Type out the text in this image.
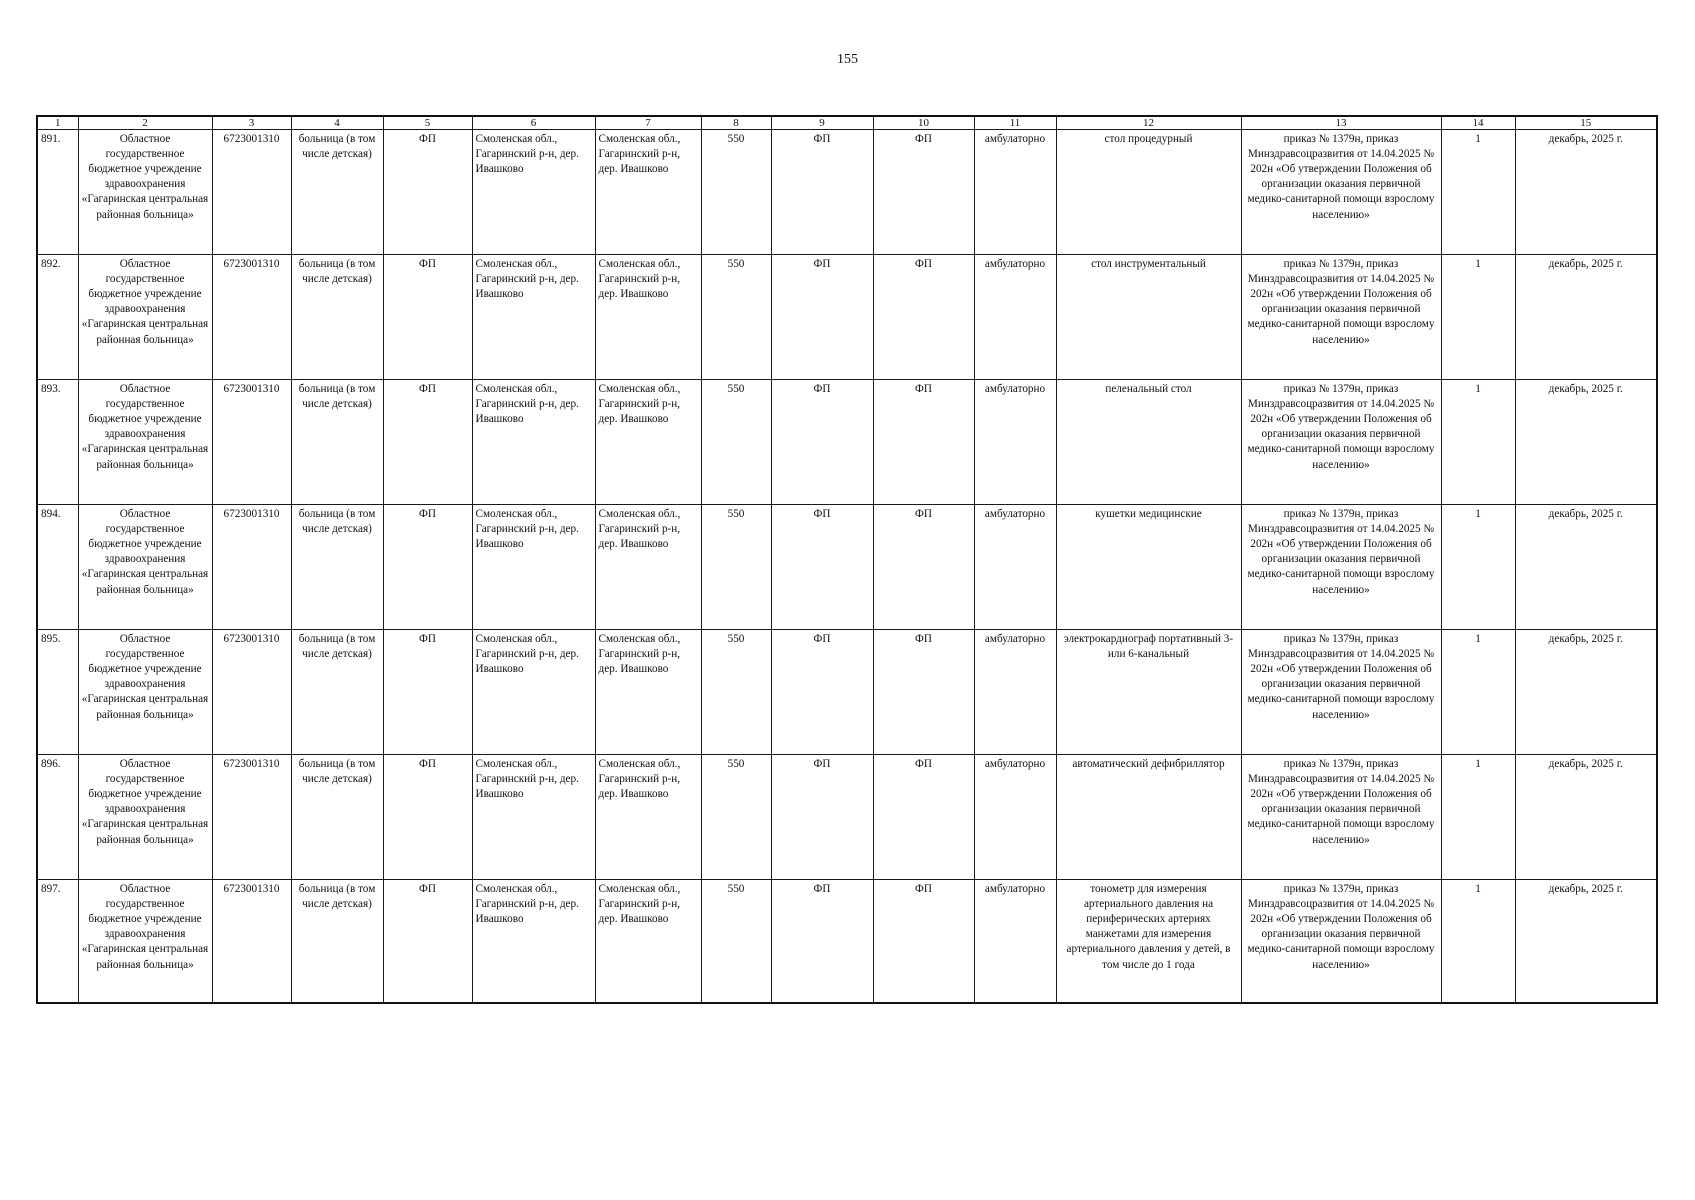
155
1	2	3	4	5	6	7	8	9	10	11	12	13	14	15
891.	Областное государственное бюджетное учреждение здравоохранения «Гагаринская центральная районная больница»	6723001310	больница (в том числе детская)	ФП	Смоленская обл., Гагаринский р-н, дер. Ивашково	Смоленская обл., Гагаринский р-н, дер. Ивашково	550	ФП	ФП	амбулаторно	стол процедурный	приказ № 1379н, приказ Минздравсоцразвития от 14.04.2025 № 202н «Об утверждении Положения об организации оказания первичной медико-санитарной помощи взрослому населению»	1	декабрь, 2025 г.
892.	Областное государственное бюджетное учреждение здравоохранения «Гагаринская центральная районная больница»	6723001310	больница (в том числе детская)	ФП	Смоленская обл., Гагаринский р-н, дер. Ивашково	Смоленская обл., Гагаринский р-н, дер. Ивашково	550	ФП	ФП	амбулаторно	стол инструментальный	приказ № 1379н, приказ Минздравсоцразвития от 14.04.2025 № 202н «Об утверждении Положения об организации оказания первичной медико-санитарной помощи взрослому населению»	1	декабрь, 2025 г.
893.	Областное государственное бюджетное учреждение здравоохранения «Гагаринская центральная районная больница»	6723001310	больница (в том числе детская)	ФП	Смоленская обл., Гагаринский р-н, дер. Ивашково	Смоленская обл., Гагаринский р-н, дер. Ивашково	550	ФП	ФП	амбулаторно	пеленальный стол	приказ № 1379н, приказ Минздравсоцразвития от 14.04.2025 № 202н «Об утверждении Положения об организации оказания первичной медико-санитарной помощи взрослому населению»	1	декабрь, 2025 г.
894.	Областное государственное бюджетное учреждение здравоохранения «Гагаринская центральная районная больница»	6723001310	больница (в том числе детская)	ФП	Смоленская обл., Гагаринский р-н, дер. Ивашково	Смоленская обл., Гагаринский р-н, дер. Ивашково	550	ФП	ФП	амбулаторно	кушетки медицинские	приказ № 1379н, приказ Минздравсоцразвития от 14.04.2025 № 202н «Об утверждении Положения об организации оказания первичной медико-санитарной помощи взрослому населению»	1	декабрь, 2025 г.
895.	Областное государственное бюджетное учреждение здравоохранения «Гагаринская центральная районная больница»	6723001310	больница (в том числе детская)	ФП	Смоленская обл., Гагаринский р-н, дер. Ивашково	Смоленская обл., Гагаринский р-н, дер. Ивашково	550	ФП	ФП	амбулаторно	электрокардиограф портативный 3- или 6-канальный	приказ № 1379н, приказ Минздравсоцразвития от 14.04.2025 № 202н «Об утверждении Положения об организации оказания первичной медико-санитарной помощи взрослому населению»	1	декабрь, 2025 г.
896.	Областное государственное бюджетное учреждение здравоохранения «Гагаринская центральная районная больница»	6723001310	больница (в том числе детская)	ФП	Смоленская обл., Гагаринский р-н, дер. Ивашково	Смоленская обл., Гагаринский р-н, дер. Ивашково	550	ФП	ФП	амбулаторно	автоматический дефибриллятор	приказ № 1379н, приказ Минздравсоцразвития от 14.04.2025 № 202н «Об утверждении Положения об организации оказания первичной медико-санитарной помощи взрослому населению»	1	декабрь, 2025 г.
897.	Областное государственное бюджетное учреждение здравоохранения «Гагаринская центральная районная больница»	6723001310	больница (в том числе детская)	ФП	Смоленская обл., Гагаринский р-н, дер. Ивашково	Смоленская обл., Гагаринский р-н, дер. Ивашково	550	ФП	ФП	амбулаторно	тонометр для измерения артериального давления на периферических артериях манжетами для измерения артериального давления у детей, в том числе до 1 года	приказ № 1379н, приказ Минздравсоцразвития от 14.04.2025 № 202н «Об утверждении Положения об организации оказания первичной медико-санитарной помощи взрослому населению»	1	декабрь, 2025 г.
